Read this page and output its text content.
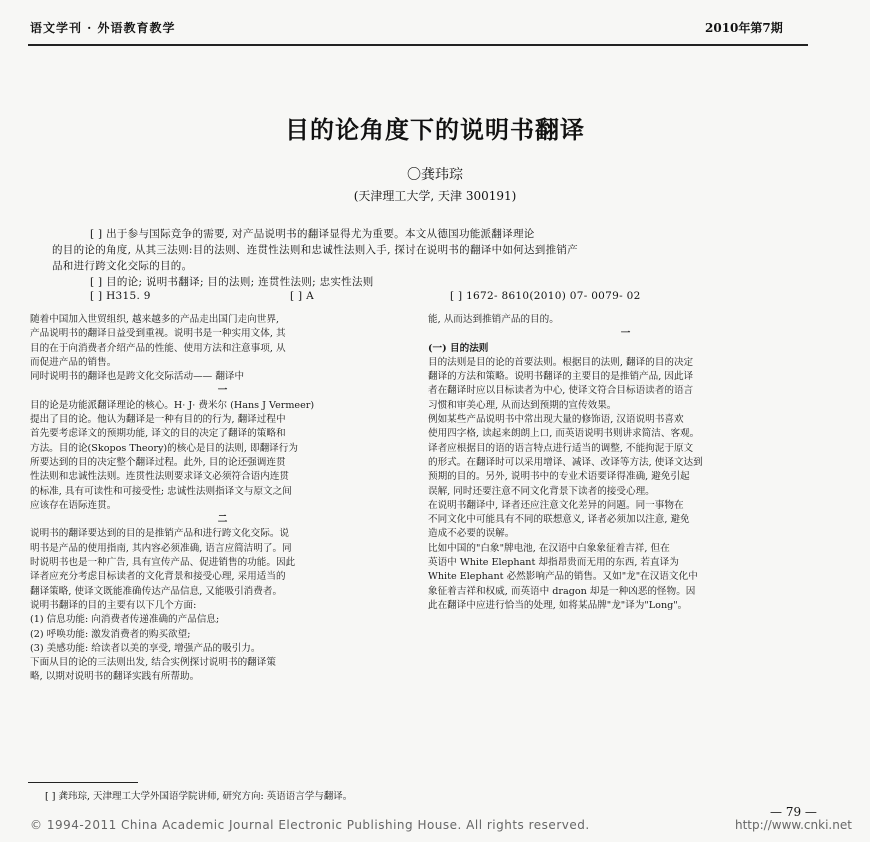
语文学刊 · 外语教育教学	2010年第7期
目的论角度下的说明书翻译
〇龚玮琮
(天津理工大学, 天津 300191)
[ ] 出于参与国际竞争的需要, 对产品说明书的翻译显得尤为重要。本文从德国功能派翻译理论
的目的论的角度, 从其三法则:目的法则、连贯性法则和忠诚性法则入手, 探讨在说明书的翻译中如何达到推销产
品和进行跨文化交际的目的。
[ ] 目的论; 说明书翻译; 目的法则; 连贯性法则; 忠实性法则
[ ] H315. 9	[ ] A	[ ] 1672- 8610(2010) 07- 0079- 02
随着中国加入世贸组织, 越来越多的产品走出国门走向世界,
产品说明书的翻译日益受到重视。说明书是一种实用文体, 其
目的在于向消费者介绍产品的性能、使用方法和注意事项, 从
而促进产品的销售。
同时说明书的翻译也是跨文化交际活动—— 翻译中
一
目的论是功能派翻译理论的核心。H· J· 费米尔 (Hans J Vermeer)
提出了目的论。他认为翻译是一种有目的的行为, 翻译过程中
首先要考虑译文的预期功能, 译文的目的决定了翻译的策略和
方法。目的论(Skopos Theory)的核心是目的法则, 即翻译行为
所要达到的目的决定整个翻译过程。此外, 目的论还强调连贯
性法则和忠诚性法则。连贯性法则要求译文必须符合语内连贯
的标准, 具有可读性和可接受性; 忠诚性法则指译文与原文之间
应该存在语际连贯。
二
说明书的翻译要达到的目的是推销产品和进行跨文化交际。说
明书是产品的使用指南, 其内容必须准确, 语言应简洁明了。同
时说明书也是一种广告, 具有宣传产品、促进销售的功能。因此
译者应充分考虑目标读者的文化背景和接受心理, 采用适当的
翻译策略, 使译文既能准确传达产品信息, 又能吸引消费者。
说明书翻译的目的主要有以下几个方面:
(1) 信息功能: 向消费者传递准确的产品信息;
(2) 呼唤功能: 激发消费者的购买欲望;
(3) 美感功能: 给读者以美的享受, 增强产品的吸引力。
下面从目的论的三法则出发, 结合实例探讨说明书的翻译策
略, 以期对说明书的翻译实践有所帮助。
能, 从而达到推销产品的目的。
一
(一) 目的法则
目的法则是目的论的首要法则。根据目的法则, 翻译的目的决定
翻译的方法和策略。说明书翻译的主要目的是推销产品, 因此译
者在翻译时应以目标读者为中心, 使译文符合目标语读者的语言
习惯和审美心理, 从而达到预期的宣传效果。
例如某些产品说明书中常出现大量的修饰语, 汉语说明书喜欢
使用四字格, 读起来朗朗上口, 而英语说明书则讲求简洁、客观。
译者应根据目的语的语言特点进行适当的调整, 不能拘泥于原文
的形式。在翻译时可以采用增译、减译、改译等方法, 使译文达到
预期的目的。另外, 说明书中的专业术语要译得准确, 避免引起
误解, 同时还要注意不同文化背景下读者的接受心理。
在说明书翻译中, 译者还应注意文化差异的问题。同一事物在
不同文化中可能具有不同的联想意义, 译者必须加以注意, 避免
造成不必要的误解。
比如中国的"白象"牌电池, 在汉语中白象象征着吉祥, 但在
英语中 White Elephant 却指昂贵而无用的东西, 若直译为
White Elephant 必然影响产品的销售。又如"龙"在汉语文化中
象征着吉祥和权威, 而英语中 dragon 却是一种凶恶的怪物。因
此在翻译中应进行恰当的处理, 如将某品牌"龙"译为"Long"。
[ ] 龚玮琮, 天津理工大学外国语学院讲师, 研究方向: 英语语言学与翻译。
— 79 —
© 1994-2011 China Academic Journal Electronic Publishing House. All rights reserved.	http://www.cnki.net
